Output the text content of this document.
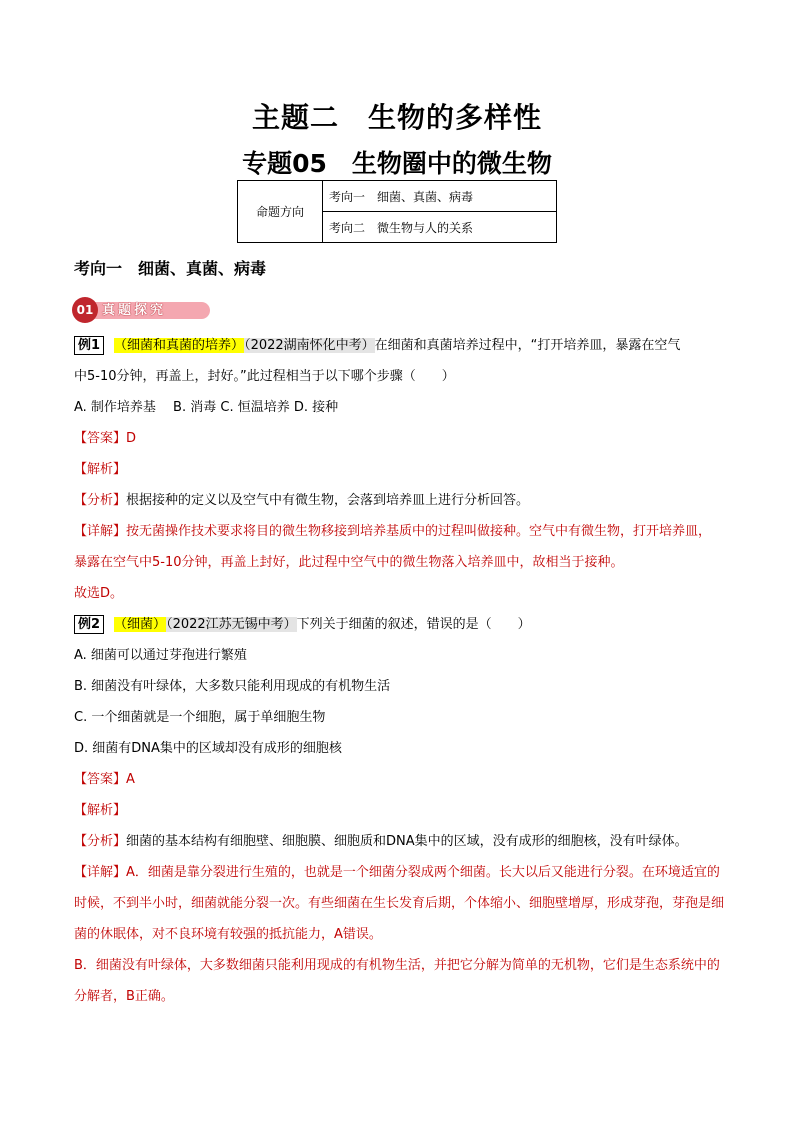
主题二　生物的多样性
专题05　生物圈中的微生物
命题方向	考向一　细菌、真菌、病毒
考向二　微生物与人的关系
考向一　细菌、真菌、病毒
01 真题探究
例1 （细菌和真菌的培养）（2022湖南怀化中考）在细菌和真菌培养过程中，“打开培养皿，暴露在空气
中5-10分钟，再盖上，封好。”此过程相当于以下哪个步骤（　　）
A. 制作培养基　 B. 消毒 C. 恒温培养 D. 接种
【答案】D
【解析】
【分析】根据接种的定义以及空气中有微生物，会落到培养皿上进行分析回答。
【详解】按无菌操作技术要求将目的微生物移接到培养基质中的过程叫做接种。空气中有微生物，打开培养皿，暴露在空气中5-10分钟，再盖上封好，此过程中空气中的微生物落入培养皿中，故相当于接种。
故选D。
例2 （细菌）（2022江苏无锡中考）下列关于细菌的叙述，错误的是（　　）
A. 细菌可以通过芽孢进行繁殖
B. 细菌没有叶绿体，大多数只能利用现成的有机物生活
C. 一个细菌就是一个细胞，属于单细胞生物
D. 细菌有DNA集中的区域却没有成形的细胞核
【答案】A
【解析】
【分析】细菌的基本结构有细胞壁、细胞膜、细胞质和DNA集中的区域，没有成形的细胞核，没有叶绿体。
【详解】A．细菌是靠分裂进行生殖的，也就是一个细菌分裂成两个细菌。长大以后又能进行分裂。在环境适宜的时候，不到半小时，细菌就能分裂一次。有些细菌在生长发育后期，个体缩小、细胞壁增厚，形成芽孢，芽孢是细菌的休眠体，对不良环境有较强的抵抗能力，A错误。
B．细菌没有叶绿体，大多数细菌只能利用现成的有机物生活，并把它分解为简单的无机物，它们是生态系统中的分解者，B正确。
